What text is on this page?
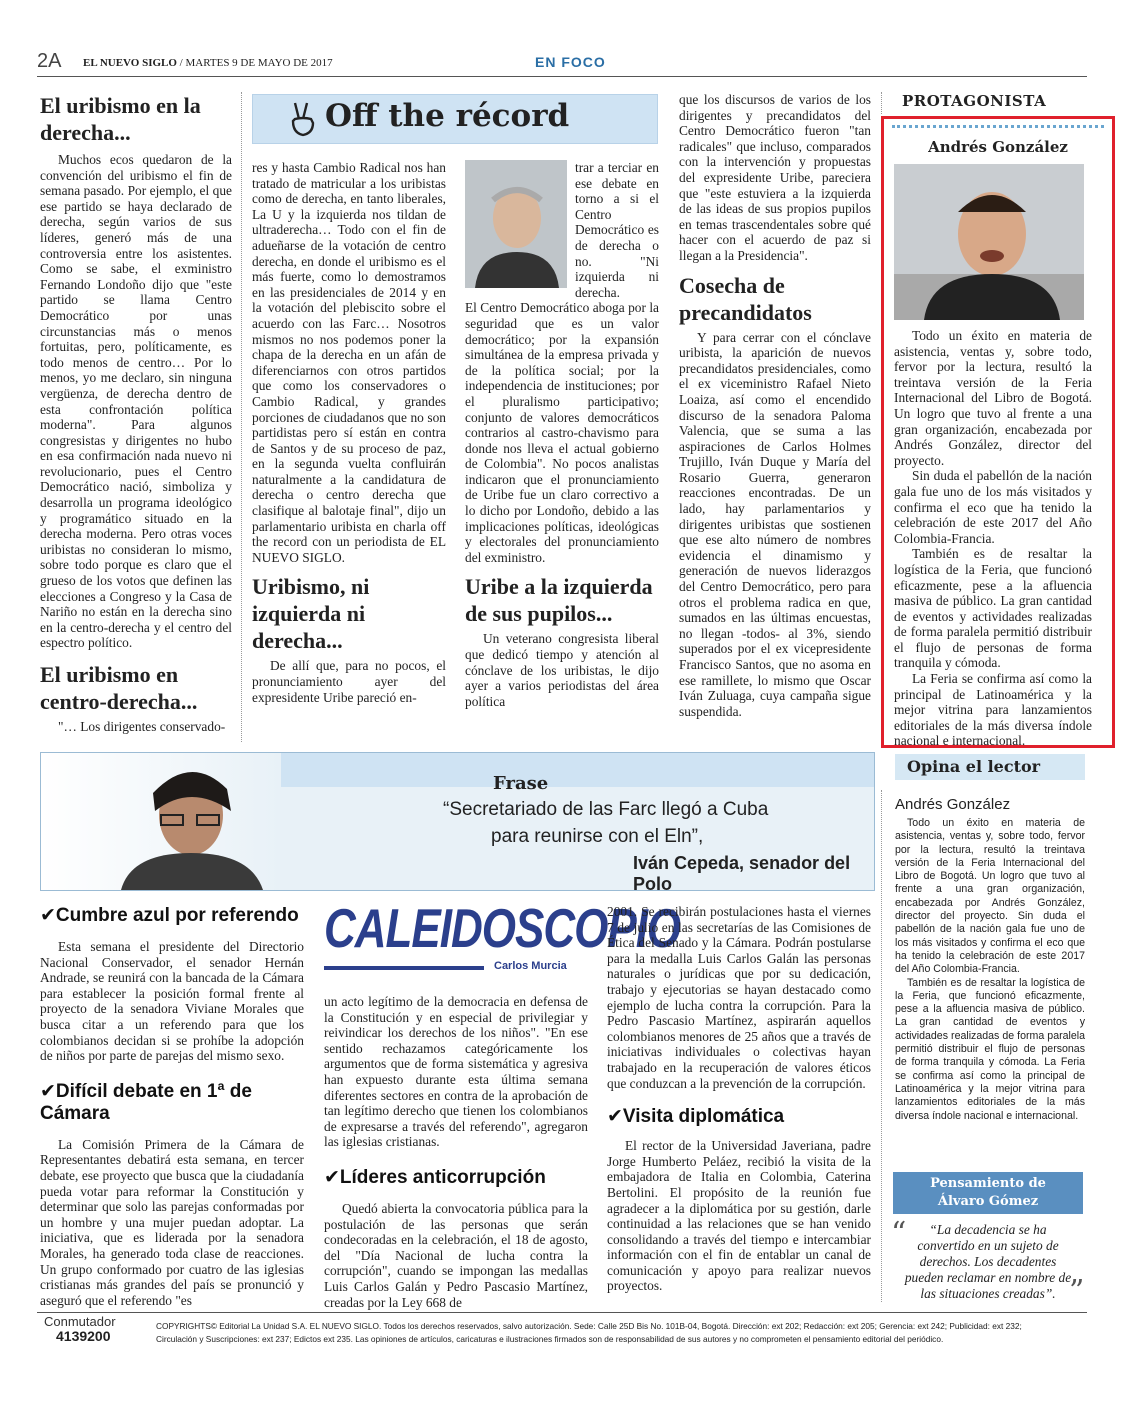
2A EL NUEVO SIGLO / MARTES 9 DE MAYO DE 2017	EN FOCO
El uribismo en la derecha...

Muchos ecos quedaron de la convención del uribismo el fin de semana pasado. Por ejemplo, el que ese partido se haya declarado de derecha, según varios de sus líderes, generó más de una controversia entre los asistentes. Como se sabe, el exministro Fernando Londoño dijo que "este partido se llama Centro Democrático por unas circunstancias más o menos fortuitas, pero, políticamente, es todo menos de centro… Por lo menos, yo me declaro, sin ninguna vergüenza, de derecha dentro de esta confrontación política moderna". Para algunos congresistas y dirigentes no hubo en esa confirmación nada nuevo ni revolucionario, pues el Centro Democrático nació, simboliza y desarrolla un programa ideológico y programático situado en la derecha moderna. Pero otras voces uribistas no consideran lo mismo, sobre todo porque es claro que el grueso de los votos que definen las elecciones a Congreso y la Casa de Nariño no están en la derecha sino en la centro-derecha y el centro del espectro político.

El uribismo en centro-derecha...

"… Los dirigentes conservado-

Off the récord

res y hasta Cambio Radical nos han tratado de matricular a los uribistas como de derecha, en tanto liberales, La U y la izquierda nos tildan de ultraderecha… Todo con el fin de adueñarse de la votación de centro derecha, en donde el uribismo es el más fuerte, como lo demostramos en las presidenciales de 2014 y en la votación del plebiscito sobre el acuerdo con las Farc… Nosotros mismos no nos podemos poner la chapa de la derecha en un afán de diferenciarnos con otros partidos que como los conservadores o Cambio Radical, y grandes porciones de ciudadanos que no son partidistas pero sí están en contra de Santos y de su proceso de paz, en la segunda vuelta confluirán naturalmente a la candidatura de derecha o centro derecha que clasifique al balotaje final", dijo un parlamentario uribista en charla off the record con un periodista de EL NUEVO SIGLO.

Uribismo, ni izquierda ni derecha...

De allí que, para no pocos, el pronunciamiento ayer del expresidente Uribe pareció en-

trar a terciar en ese debate en torno a si el Centro Democrático es de derecha o no. "Ni izquierda ni derecha.

El Centro Democrático aboga por la seguridad que es un valor democrático; por la expansión simultánea de la empresa privada y de la política social; por la independencia de instituciones; por el pluralismo participativo; conjunto de valores democráticos contrarios al castro-chavismo para donde nos lleva el actual gobierno de Colombia". No pocos analistas indicaron que el pronunciamiento de Uribe fue un claro correctivo a lo dicho por Londoño, debido a las implicaciones políticas, ideológicas y electorales del pronunciamiento del exministro.

Uribe a la izquierda de sus pupilos...

Un veterano congresista liberal que dedicó tiempo y atención al cónclave de los uribistas, le dijo ayer a varios periodistas del área política

que los discursos de varios de los dirigentes y precandidatos del Centro Democrático fueron "tan radicales" que incluso, comparados con la intervención y propuestas del expresidente Uribe, pareciera que "este estuviera a la izquierda de las ideas de sus propios pupilos en temas trascendentales sobre qué hacer con el acuerdo de paz si llegan a la Presidencia".

Cosecha de precandidatos

Y para cerrar con el cónclave uribista, la aparición de nuevos precandidatos presidenciales, como el ex viceministro Rafael Nieto Loaiza, así como el encendido discurso de la senadora Paloma Valencia, que se suma a las aspiraciones de Carlos Holmes Trujillo, Iván Duque y María del Rosario Guerra, generaron reacciones encontradas. De un lado, hay parlamentarios y dirigentes uribistas que sostienen que ese alto número de nombres evidencia el dinamismo y generación de nuevos liderazgos del Centro Democrático, pero para otros el problema radica en que, sumados en las últimas encuestas, no llegan -todos- al 3%, siendo superados por el ex vicepresidente Francisco Santos, que no asoma en ese ramillete, lo mismo que Oscar Iván Zuluaga, cuya campaña sigue suspendida.

PROTAGONISTA
Andrés González

Todo un éxito en materia de asistencia, ventas y, sobre todo, fervor por la lectura, resultó la treintava versión de la Feria Internacional del Libro de Bogotá. Un logro que tuvo al frente a una gran organización, encabezada por Andrés González, director del proyecto.

Sin duda el pabellón de la nación gala fue uno de los más visitados y confirma el eco que ha tenido la celebración de este 2017 del Año Colombia-Francia.

También es de resaltar la logística de la Feria, que funcionó eficazmente, pese a la afluencia masiva de público. La gran cantidad de eventos y actividades realizadas de forma paralela permitió distribuir el flujo de personas de forma tranquila y cómoda.

La Feria se confirma así como la principal de Latinoamérica y la mejor vitrina para lanzamientos editoriales de la más diversa índole nacional e internacional.

Frase
“Secretariado de las Farc llegó a Cuba
para reunirse con el Eln”,
Iván Cepeda, senador del Polo
Opina el lector
Andrés González

Todo un éxito en materia de asistencia, ventas y, sobre todo, fervor por la lectura, resultó la treintava versión de la Feria Internacional del Libro de Bogotá. Un logro que tuvo al frente a una gran organización, encabezada por Andrés González, director del proyecto. Sin duda el pabellón de la nación gala fue uno de los más visitados y confirma el eco que ha tenido la celebración de este 2017 del Año Colombia-Francia.

También es de resaltar la logística de la Feria, que funcionó eficazmente, pese a la afluencia masiva de público. La gran cantidad de eventos y actividades realizadas de forma paralela permitió distribuir el flujo de personas de forma tranquila y cómoda. La Feria se confirma así como la principal de Latinoamérica y la mejor vitrina para lanzamientos editoriales de la más diversa índole nacional e internacional.

Pensamiento de
Álvaro Gómez
“
”
“La decadencia se ha convertido en un sujeto de derechos. Los decadentes pueden reclamar en nombre de las situaciones creadas”.
✔Cumbre azul por referendo

Esta semana el presidente del Directorio Nacional Conservador, el senador Hernán Andrade, se reunirá con la bancada de la Cámara para establecer la posición formal frente al proyecto de la senadora Viviane Morales que busca citar a un referendo para que los colombianos decidan si se prohíbe la adopción de niños por parte de parejas del mismo sexo.

✔Difícil debate en 1ª de Cámara

La Comisión Primera de la Cámara de Representantes debatirá esta semana, en tercer debate, ese proyecto que busca que la ciudadanía pueda votar para reformar la Constitución y determinar que solo las parejas conformadas por un hombre y una mujer puedan adoptar. La iniciativa, que es liderada por la senadora Morales, ha generado toda clase de reacciones. Un grupo conformado por cuatro de las iglesias cristianas más grandes del país se pronunció y aseguró que el referendo "es

CALEIDOSCOPIO
Carlos Murcia

un acto legítimo de la democracia en defensa de la Constitución y en especial de privilegiar y reivindicar los derechos de los niños". "En ese sentido rechazamos categóricamente los argumentos que de forma sistemática y agresiva han expuesto durante esta última semana diferentes sectores en contra de la aprobación de tan legítimo derecho que tienen los colombianos de expresarse a través del referendo", agregaron las iglesias cristianas.

✔Líderes anticorrupción

Quedó abierta la convocatoria pública para la postulación de las personas que serán condecoradas en la celebración, el 18 de agosto, del "Día Nacional de lucha contra la corrupción", cuando se impongan las medallas Luis Carlos Galán y Pedro Pascasio Martínez, creadas por la Ley 668 de

2001. Se recibirán postulaciones hasta el viernes 7 de julio en las secretarías de las Comisiones de Ética del Senado y la Cámara. Podrán postularse para la medalla Luis Carlos Galán las personas naturales o jurídicas que por su dedicación, trabajo y ejecutorias se hayan destacado como ejemplo de lucha contra la corrupción. Para la Pedro Pascasio Martínez, aspirarán aquellos colombianos menores de 25 años que a través de iniciativas individuales o colectivas hayan trabajado en la recuperación de valores éticos que conduzcan a la prevención de la corrupción.

✔Visita diplomática

El rector de la Universidad Javeriana, padre Jorge Humberto Peláez, recibió la visita de la embajadora de Italia en Colombia, Caterina Bertolini. El propósito de la reunión fue agradecer a la diplomática por su gestión, darle continuidad a las relaciones que se han venido consolidando a través del tiempo e intercambiar información con el fin de entablar un canal de comunicación y apoyo para realizar nuevos proyectos.

Conmutador
4139200
COPYRIGHTS© Editorial La Unidad S.A. EL NUEVO SIGLO. Todos los derechos reservados, salvo autorización. Sede: Calle 25D Bis No. 101B-04, Bogotá. Dirección: ext 202; Redacción: ext 205; Gerencia: ext 242; Publicidad: ext 232;
Circulación y Suscripciones: ext 237; Edictos ext 235. Las opiniones de artículos, caricaturas e ilustraciones firmados son de responsabilidad de sus autores y no comprometen el pensamiento editorial del periódico.
